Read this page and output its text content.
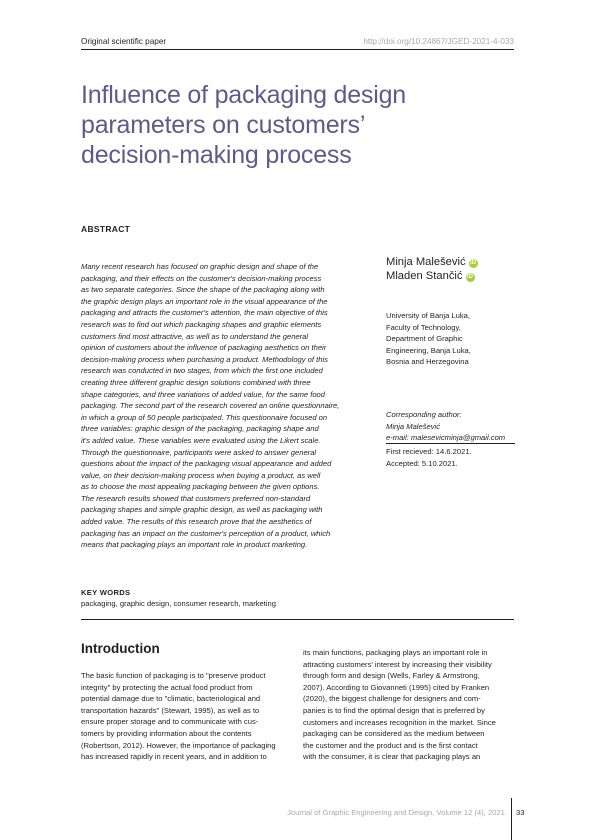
Original scientific paper	http://doi.org/10.24867/JGED-2021-4-033
Influence of packaging design
parameters on customers’
decision-making process
ABSTRACT
Many recent research has focused on graphic design and shape of the
packaging, and their effects on the customer's decision-making process
as two separate categories. Since the shape of the packaging along with
the graphic design plays an important role in the visual appearance of the
packaging and attracts the customer's attention, the main objective of this
research was to find out which packaging shapes and graphic elements
customers find most attractive, as well as to understand the general
opinion of customers about the influence of packaging aesthetics on their
decision-making process when purchasing a product. Methodology of this
research was conducted in two stages, from which the first one included
creating three different graphic design solutions combined with three
shape categories, and three variations of added value, for the same food
packaging. The second part of the research covered an online questionnaire,
in which a group of 50 people participated. This questionnaire focused on
three variables: graphic design of the packaging, packaging shape and
it's added value. These variables were evaluated using the Likert scale.
Through the questionnaire, participants were asked to answer general
questions about the impact of the packaging visual appearance and added
value, on their decision-making process when buying a product, as well
as to choose the most appealing packaging between the given options.
The research results showed that customers preferred non-standard
packaging shapes and simple graphic design, as well as packaging with
added value. The results of this research prove that the aesthetics of
packaging has an impact on the customer's perception of a product, which
means that packaging plays an important role in product marketing.
Minja Malešević iD
Mladen Stančić iD
University of Banja Luka,
Faculty of Technology,
Department of Graphic
Engineering, Banja Luka,
Bosnia and Herzegovina
Corresponding author:
Minja Malešević
e-mail: malesevicminja@gmail.com
First recieved: 14.6.2021.
Accepted: 5.10.2021.
KEY WORDS
packaging, graphic design, consumer research, marketing
Introduction
The basic function of packaging is to "preserve product
integrity" by protecting the actual food product from
potential damage due to "climatic, bacteriological and
transportation hazards" (Stewart, 1995), as well as to
ensure proper storage and to communicate with cus-
tomers by providing information about the contents
(Robertson, 2012). However, the importance of packaging
has increased rapidly in recent years, and in addition to
its main functions, packaging plays an important role in
attracting customers' interest by increasing their visibility
through form and design (Wells, Farley & Armstrong,
2007). According to Giovanneti (1995) cited by Franken
(2020), the biggest challenge for designers and com-
panies is to find the optimal design that is preferred by
customers and increases recognition in the market. Since
packaging can be considered as the medium between
the customer and the product and is the first contact
with the consumer, it is clear that packaging plays an
Journal of Graphic Engineering and Design, Volume 12 (4), 2021. 33
